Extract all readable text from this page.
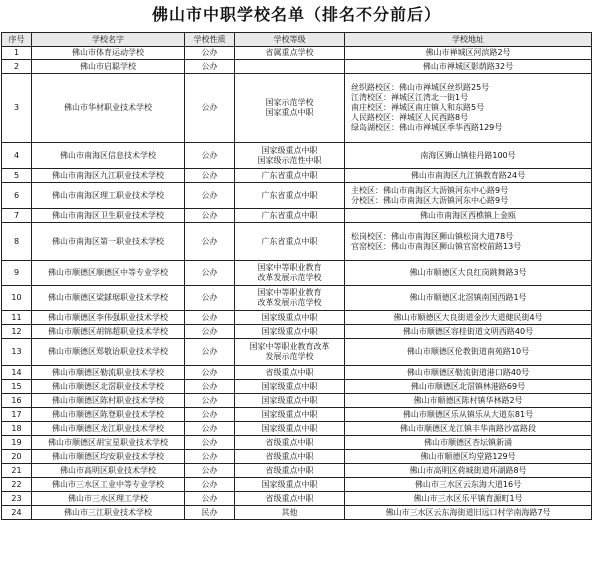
佛山市中职学校名单（排名不分前后）
序号	学校名字	学校性质	学校等级	学校地址
1	佛山市体育运动学校	公办	省属重点学校	佛山市禅城区河滨路2号

2	佛山市启聪学校	公办		佛山市禅城区影荫路32号

3	佛山市华材职业技术学校	公办	国家示范学校
国家重点中职	丝织路校区：佛山市禅城区丝织路25号
江湾校区：禅城区江湾北一街1号
南庄校区：禅城区南庄镇人和东路5号
人民路校区：禅城区人民西路8号
绿岛湖校区：佛山市禅城区季华西路129号

4	佛山市南海区信息技术学校	公办	国家级重点中职
国家级示范性中职	南海区狮山镇桂丹路100号

5	佛山市南海区九江职业技术学校	公办	广东省重点中职	佛山市南海区九江镇教育路24号

6	佛山市南海区理工职业技术学校	公办	广东省重点中职	主校区：佛山市南海区大沥镇河东中心路9号
分校区：佛山市南海区大沥镇河东中心路9号

7	佛山市南海区卫生职业技术学校	公办	广东省重点中职	佛山市南海区西樵镇上金瓯

8	佛山市南海区第一职业技术学校	公办	广东省重点中职	松岗校区：佛山市南海区狮山镇松岗大道78号
官窑校区：佛山市南海区狮山镇官窑校前路13号

9	佛山市顺德区顺德区中等专业学校	公办	国家中等职业教育
改革发展示范学校	佛山市顺德区大良红岗跳舞路3号

10	佛山市顺德区梁銶琚职业技术学校	公办	国家中等职业教育
改革发展示范学校	佛山市顺德区北滘镇南国西路1号

11	佛山市顺德区李伟强职业技术学校	公办	国家级重点中职	佛山市顺德区大良街道金沙大道健民街4号

12	佛山市顺德区胡锦超职业技术学校	公办	国家级重点中职	佛山市顺德区容桂街道文明西路40号

13	佛山市顺德区郑敬诒职业技术学校	公办	国家中等职业教育改革
发展示范学校	佛山市顺德区伦教街道南苑路10号

14	佛山市顺德区勒流职业技术学校	公办	省级重点中职	佛山市顺德区勒流街道港口路40号

15	佛山市顺德区北滘职业技术学校	公办	国家级重点中职	佛山市顺德区北滘镇林港路69号

16	佛山市顺德区陈村职业技术学校	公办	国家级重点中职	佛山市顺德区陈村镇华林路2号

17	佛山市顺德区陈登职业技术学校	公办	国家级重点中职	佛山市顺德区乐从镇乐从大道东81号

18	佛山市顺德区龙江职业技术学校	公办	国家级重点中职	佛山市顺德区龙江镇丰华南路沙富路段

19	佛山市顺德区胡宝星职业技术学校	公办	省级重点中职	佛山市顺德区杏坛镇新涌

20	佛山市顺德区均安职业技术学校	公办	省级重点中职	佛山市顺德区均堂路129号

21	佛山市高明区职业技术学校	公办	省级重点中职	佛山市高明区荷城街道环湖路8号

22	佛山市三水区工业中等专业学校	公办	国家级重点中职	佛山市三水区云东海大道16号

23	佛山市三水区理工学校	公办	省级重点中职	佛山市三水区乐平镇育源町1号

24	佛山市三江职业技术学校	民办	其他	佛山市三水区云东海街道旧远口村学南海路7号
